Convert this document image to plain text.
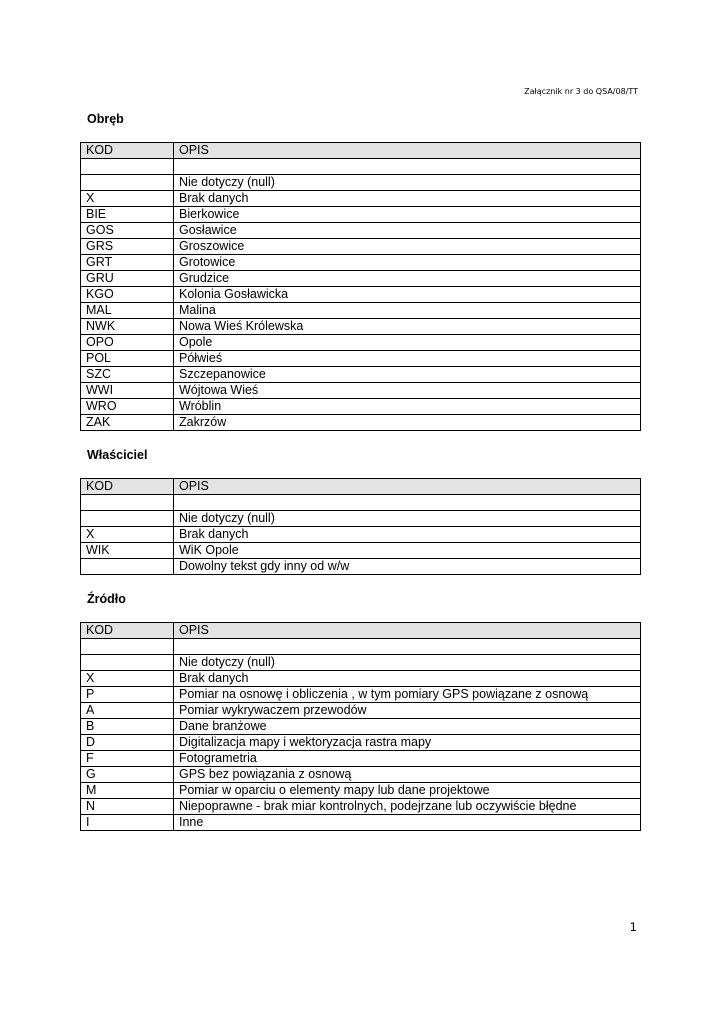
Załącznik nr 3 do QSA/08/TT
Obręb
KOD	OPIS

	Nie dotyczy (null)
X	Brak danych
BIE	Bierkowice
GOS	Gosławice
GRS	Groszowice
GRT	Grotowice
GRU	Grudzice
KGO	Kolonia Gosławicka
MAL	Malina
NWK	Nowa Wieś Królewska
OPO	Opole
POL	Półwieś
SZC	Szczepanowice
WWI	Wójtowa Wieś
WRO	Wróblin
ZAK	Zakrzów
Właściciel
KOD	OPIS

	Nie dotyczy (null)
X	Brak danych
WIK	WiK Opole
	Dowolny tekst gdy inny od w/w
Źródło
KOD	OPIS

	Nie dotyczy (null)
X	Brak danych
P	Pomiar na osnowę i obliczenia , w tym pomiary GPS powiązane z osnową
A	Pomiar wykrywaczem przewodów
B	Dane branżowe
D	Digitalizacja mapy i wektoryzacja rastra mapy
F	Fotogrametria
G	GPS bez powiązania z osnową
M	Pomiar w oparciu o elementy mapy lub dane projektowe
N	Niepoprawne - brak miar kontrolnych, podejrzane lub oczywiście błędne
I	Inne
1
